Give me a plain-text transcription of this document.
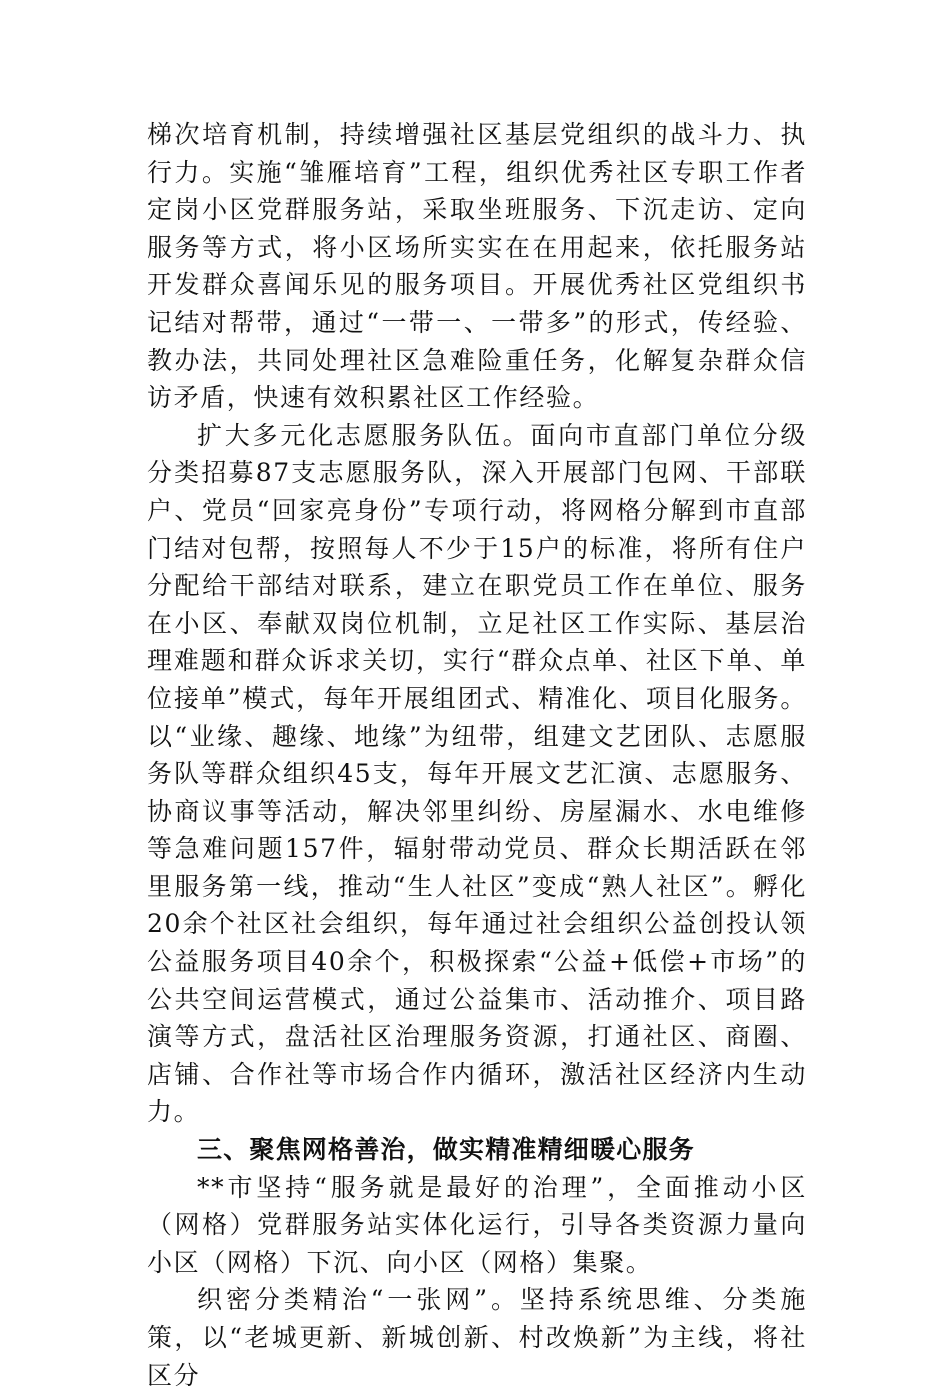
梯次培育机制，持续增强社区基层党组织的战斗力、执行力。实施“雏雁培育”工程，组织优秀社区专职工作者定岗小区党群服务站，采取坐班服务、下沉走访、定向服务等方式，将小区场所实实在在用起来，依托服务站开发群众喜闻乐见的服务项目。开展优秀社区党组织书记结对帮带，通过“一带一、一带多”的形式，传经验、教办法，共同处理社区急难险重任务，化解复杂群众信访矛盾，快速有效积累社区工作经验。

扩大多元化志愿服务队伍。面向市直部门单位分级分类招募87支志愿服务队，深入开展部门包网、干部联户、党员“回家亮身份”专项行动，将网格分解到市直部门结对包帮，按照每人不少于15户的标准，将所有住户分配给干部结对联系，建立在职党员工作在单位、服务在小区、奉献双岗位机制，立足社区工作实际、基层治理难题和群众诉求关切，实行“群众点单、社区下单、单位接单”模式，每年开展组团式、精准化、项目化服务。以“业缘、趣缘、地缘”为纽带，组建文艺团队、志愿服务队等群众组织45支，每年开展文艺汇演、志愿服务、协商议事等活动，解决邻里纠纷、房屋漏水、水电维修等急难问题157件，辐射带动党员、群众长期活跃在邻里服务第一线，推动“生人社区”变成“熟人社区”。孵化20余个社区社会组织，每年通过社会组织公益创投认领公益服务项目40余个，积极探索“公益+低偿+市场”的公共空间运营模式，通过公益集市、活动推介、项目路演等方式，盘活社区治理服务资源，打通社区、商圈、店铺、合作社等市场合作内循环，激活社区经济内生动力。

三、聚焦网格善治，做实精准精细暖心服务

**市坚持“服务就是最好的治理”，全面推动小区（网格）党群服务站实体化运行，引导各类资源力量向小区（网格）下沉、向小区（网格）集聚。

织密分类精治“一张网”。坚持系统思维、分类施策，以“老城更新、新城创新、村改焕新”为主线，将社区分
